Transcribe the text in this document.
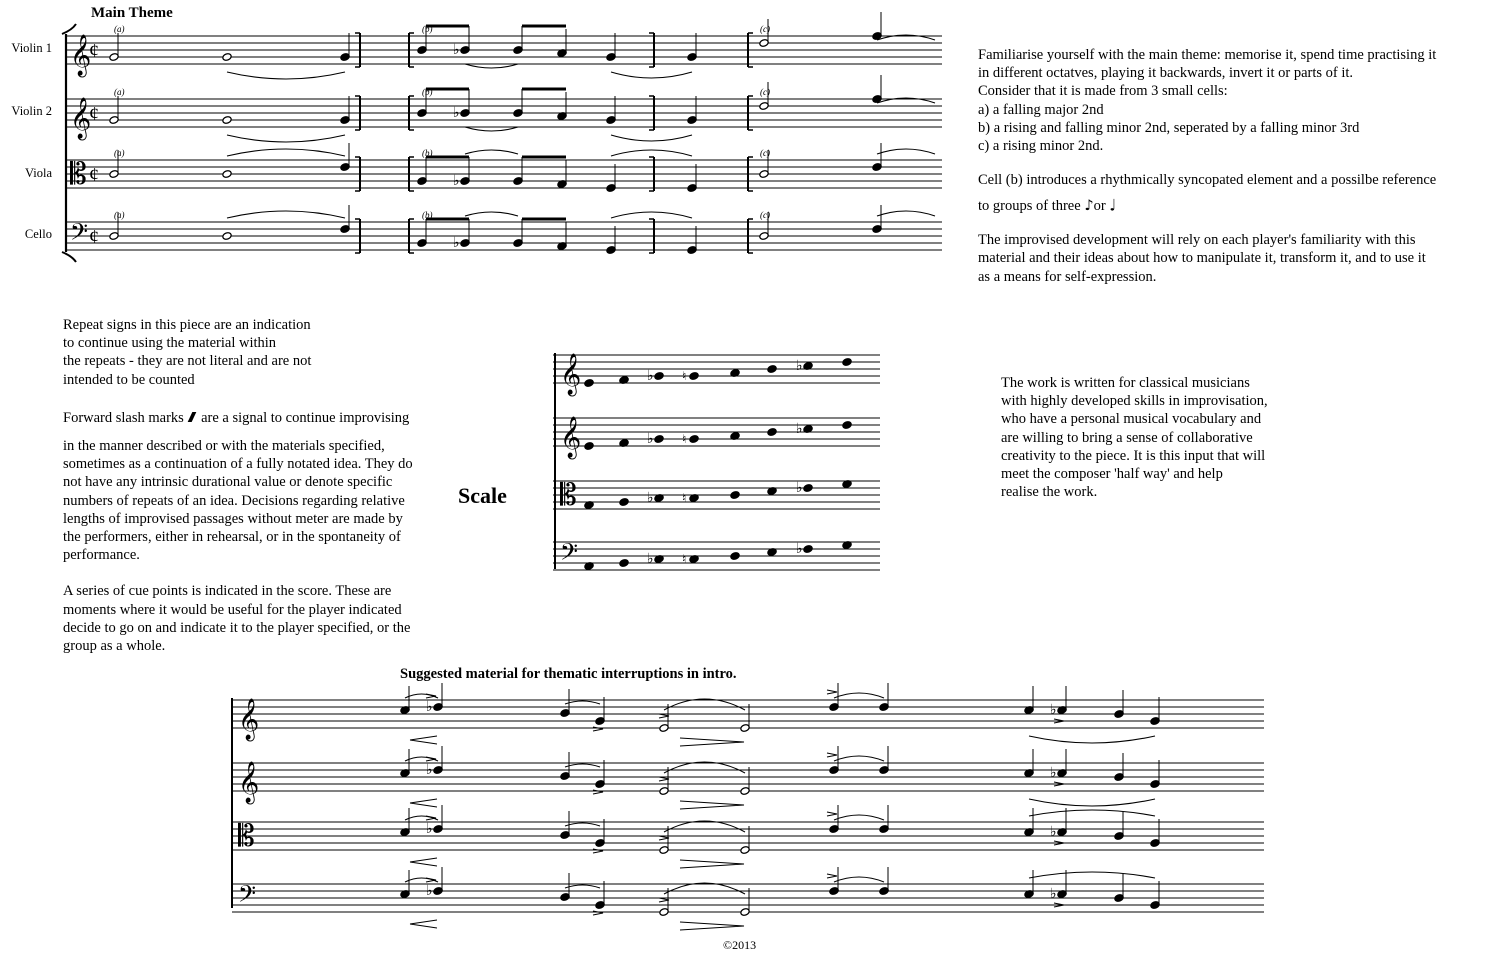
𝄞
¢
(a)	(b)
♭
(c)
𝄞
¢
(a)	(b)
♭
(c)
𝄡 ¢
(a)	(b)
♭
(c)
𝄢 ¢
(a)	(b)
♭
(c)
𝄞	♭ ♮
♭
𝄞	♭ ♮
♭
𝄡	♭ ♮
♭
𝄢	♭ ♮
♭
𝄞	♭	♭
𝄞	♭	♭
𝄡	♭	♭
𝄢	♭	♭
Main Theme
Violin 1
Violin 2
Viola
Cello

Familiarise yourself with the main theme: memorise it, spend time practising it
in different octatves, playing it backwards, invert it or parts of it.
Consider that it is made from 3 small cells:
a) a falling major 2nd
b) a rising and falling minor 2nd, seperated by a falling minor 3rd
c) a rising minor 2nd.

Cell (b) introduces a rhythmically syncopated element and a possilbe reference
to groups of three ♪or ♩

The improvised development will rely on each player's familiarity with this
material and their ideas about how to manipulate it, transform it, and to use it
as a means for self-expression.

Repeat signs in this piece are an indication
to continue using the material within
the repeats - they are not literal and are not
intended to be counted

Forward slash marks are a signal to continue improvising
in the manner described or with the materials specified,
sometimes as a continuation of a fully notated idea. They do
not have any intrinsic durational value or denote specific
numbers of repeats of an idea. Decisions regarding relative
lengths of improvised passages without meter are made by
the performers, either in rehearsal, or in the spontaneity of
performance.

A series of cue points is indicated in the score. These are
moments where it would be useful for the player indicated
decide to go on and indicate it to the player specified, or the
group as a whole.

Scale
The work is written for classical musicians
with highly developed skills in improvisation,
who have a personal musical vocabulary and
are willing to bring a sense of collaborative
creativity to the piece. It is this input that will
meet the composer 'half way' and help
realise the work.
Suggested material for thematic interruptions in intro.
©2013
